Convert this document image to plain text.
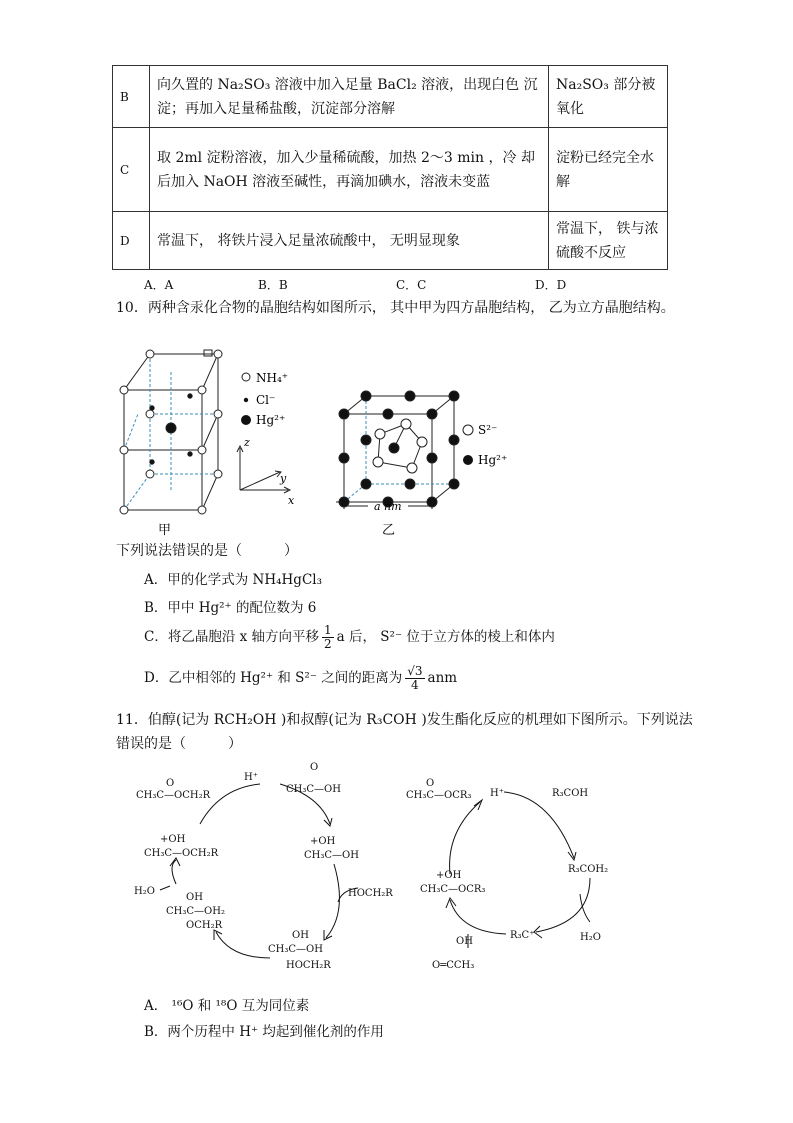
B	向久置的 Na₂SO₃ 溶液中加入足量 BaCl₂ 溶液，出现白色 沉淀；再加入足量稀盐酸，沉淀部分溶解	Na₂SO₃ 部分被氧化
C	取 2ml 淀粉溶液，加入少量稀硫酸，加热 2～3 min ，冷 却后加入 NaOH 溶液至碱性，再滴加碘水，溶液未变蓝	淀粉已经完全水解
D	常温下， 将铁片浸入足量浓硫酸中， 无明显现象	常温下， 铁与浓硫酸不反应
A．A	B．B	C．C	D．D
10．两种含汞化合物的晶胞结构如图所示， 其中甲为四方晶胞结构， 乙为立方晶胞结构。
NH₄⁺
Cl⁻
Hg²⁺
z
y
x
甲
a nm
S²⁻
Hg²⁺
乙
下列说法错误的是（　　　）
A．甲的化学式为 NH₄HgCl₃
B．甲中 Hg²⁺ 的配位数为 6
C．将乙晶胞沿 x 轴方向平移 $\frac{1}{2}$ a 后， S²⁻ 位于立方体的棱上和体内
D．乙中相邻的 Hg²⁺ 和 S²⁻ 之间的距离为 $\frac{√3}{4}$ anm
11．伯醇(记为 RCH₂OH )和叔醇(记为 R₃COH )发生酯化反应的机理如下图所示。下列说法错误的是（　　　）
O
CH₃C—OCH₂R
H⁺
O
CH₃C—OH
+OH
CH₃C—OH
HOCH₂R
OH
CH₃C—OH
HOCH₂R
+OH
CH₃C—OCH₂R
H₂O
OH
CH₃C—OH₂
OCH₂R
O
CH₃C—OCR₃ H⁺	R₃COH
R₃COH₂
H₂O
R₃C⁺
+OH
CH₃C—OCR₃
OH
O═CCH₃
A． ¹⁶O 和 ¹⁸O 互为同位素
B．两个历程中 H⁺ 均起到催化剂的作用
